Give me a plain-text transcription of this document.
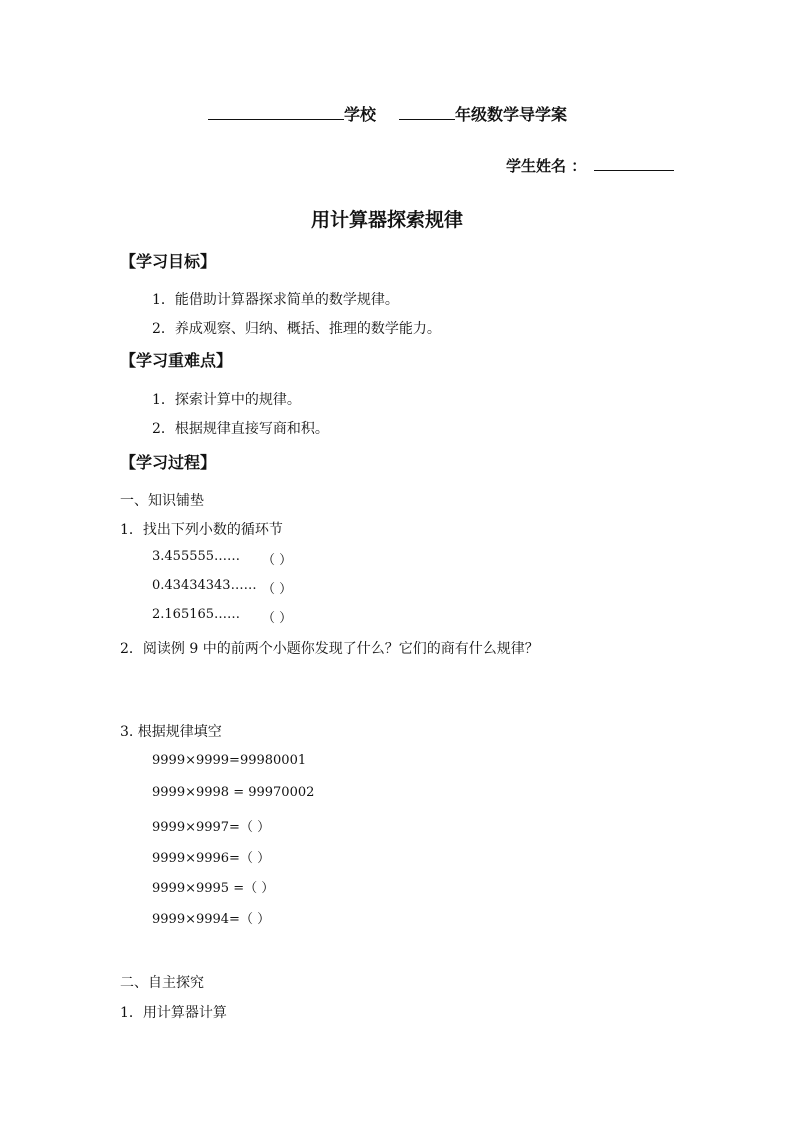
学校	年级数学导学案
学生姓名 ：
用计算器探索规律
【学习目标】
1．能借助计算器探求简单的数学规律。
2．养成观察、归纳、概括、推理的数学能力。
【学习重难点】
1．探索计算中的规律。
2．根据规律直接写商和积。
【学习过程】
一、知识铺垫
1．找出下列小数的循环节
3.455555…… （ ）
0.43434343…… （ ）
2.165165…… （ ）
2．阅读例 9 中的前两个小题你发现了什么？它们的商有什么规律？
3. 根据规律填空
9999×9999=99980001
9999×9998 = 99970002
9999×9997=（ ）
9999×9996=（ ）
9999×9995 =（ ）
9999×9994=（ ）
二、自主探究
1．用计算器计算
